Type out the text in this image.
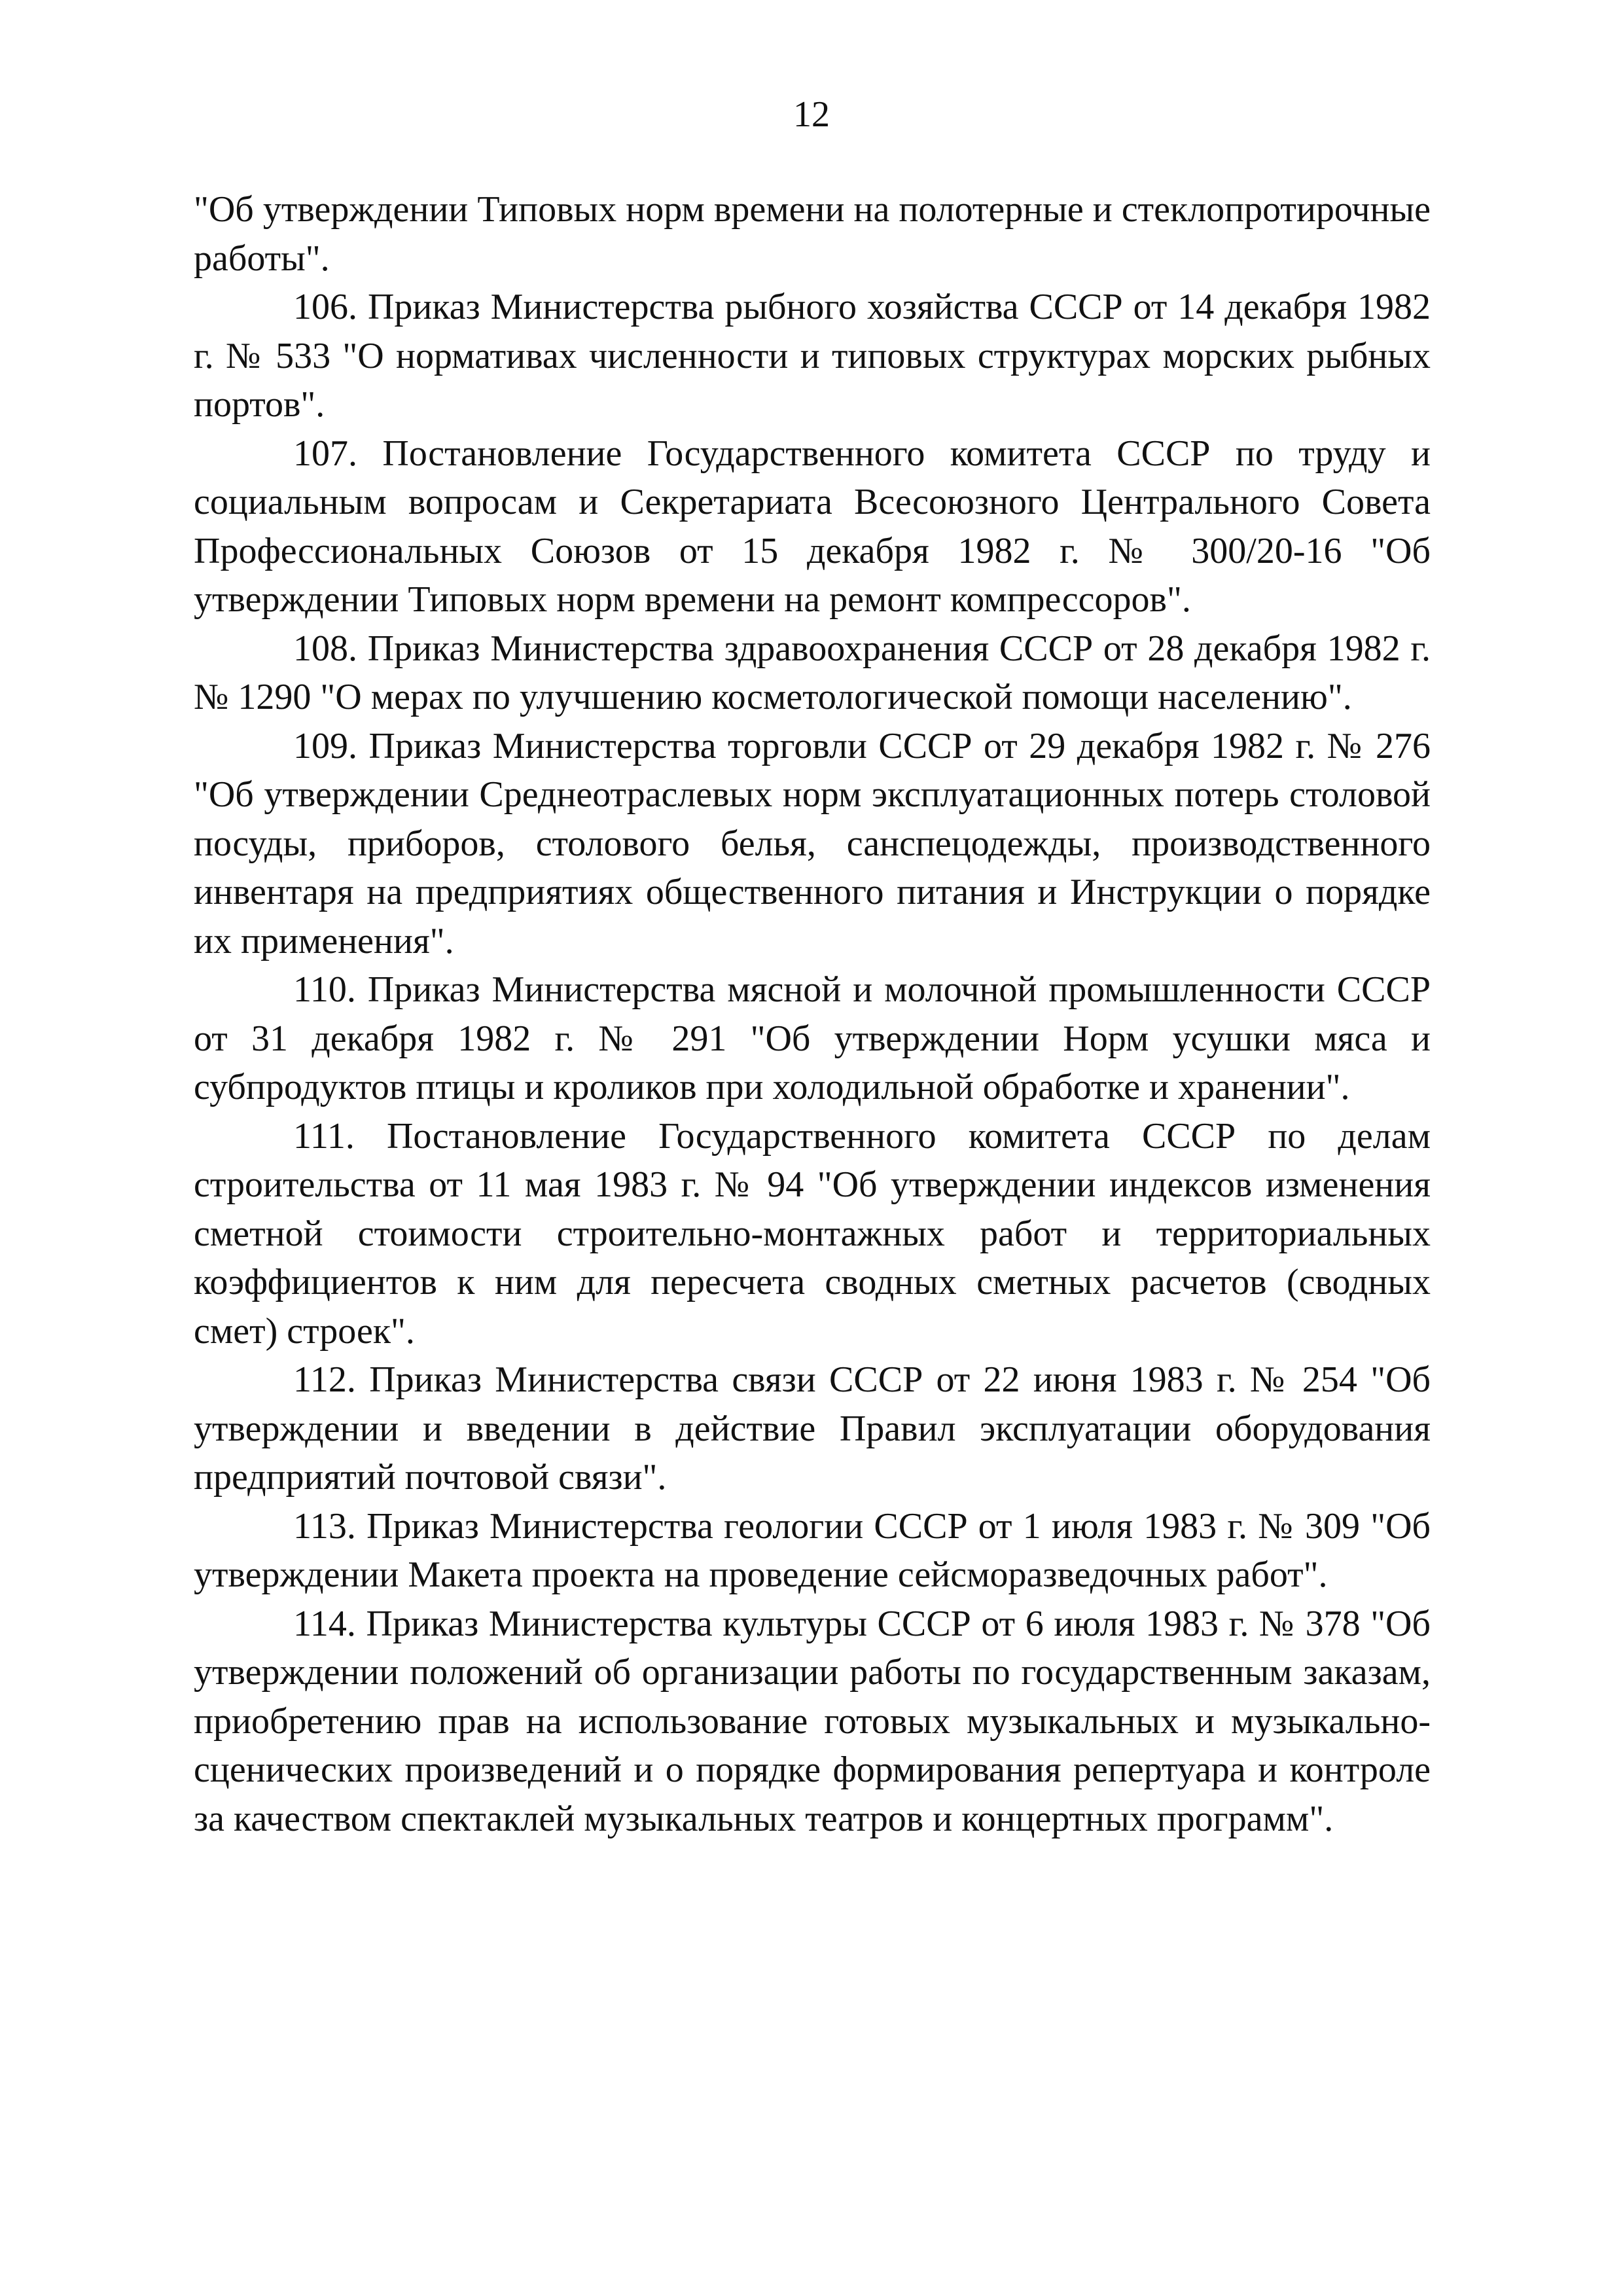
12

"Об утверждении Типовых норм времени на полотерные и стеклопротирочные работы".

106. Приказ Министерства рыбного хозяйства СССР от 14 декабря 1982 г. № 533 "О нормативах численности и типовых структурах морских рыбных портов".

107. Постановление Государственного комитета СССР по труду и социальным вопросам и Секретариата Всесоюзного Центрального Совета Профессиональных Союзов от 15 декабря 1982 г. № 300/20-16 "Об утверждении Типовых норм времени на ремонт компрессоров".

108. Приказ Министерства здравоохранения СССР от 28 декабря 1982 г. № 1290 "О мерах по улучшению косметологической помощи населению".

109. Приказ Министерства торговли СССР от 29 декабря 1982 г. № 276 "Об утверждении Среднеотраслевых норм эксплуатационных потерь столовой посуды, приборов, столового белья, санспецодежды, производственного инвентаря на предприятиях общественного питания и Инструкции о порядке их применения".

110. Приказ Министерства мясной и молочной промышленности СССР от 31 декабря 1982 г. № 291 "Об утверждении Норм усушки мяса и субпродуктов птицы и кроликов при холодильной обработке и хранении".

111. Постановление Государственного комитета СССР по делам строительства от 11 мая 1983 г. № 94 "Об утверждении индексов изменения сметной стоимости строительно-монтажных работ и территориальных коэффициентов к ним для пересчета сводных сметных расчетов (сводных смет) строек".

112. Приказ Министерства связи СССР от 22 июня 1983 г. № 254 "Об утверждении и введении в действие Правил эксплуатации оборудования предприятий почтовой связи".

113. Приказ Министерства геологии СССР от 1 июля 1983 г. № 309 "Об утверждении Макета проекта на проведение сейсморазведочных работ".

114. Приказ Министерства культуры СССР от 6 июля 1983 г. № 378 "Об утверждении положений об организации работы по государственным заказам, приобретению прав на использование готовых музыкальных и музыкально-сценических произведений и о порядке формирования репертуара и контроле за качеством спектаклей музыкальных театров и концертных программ".
